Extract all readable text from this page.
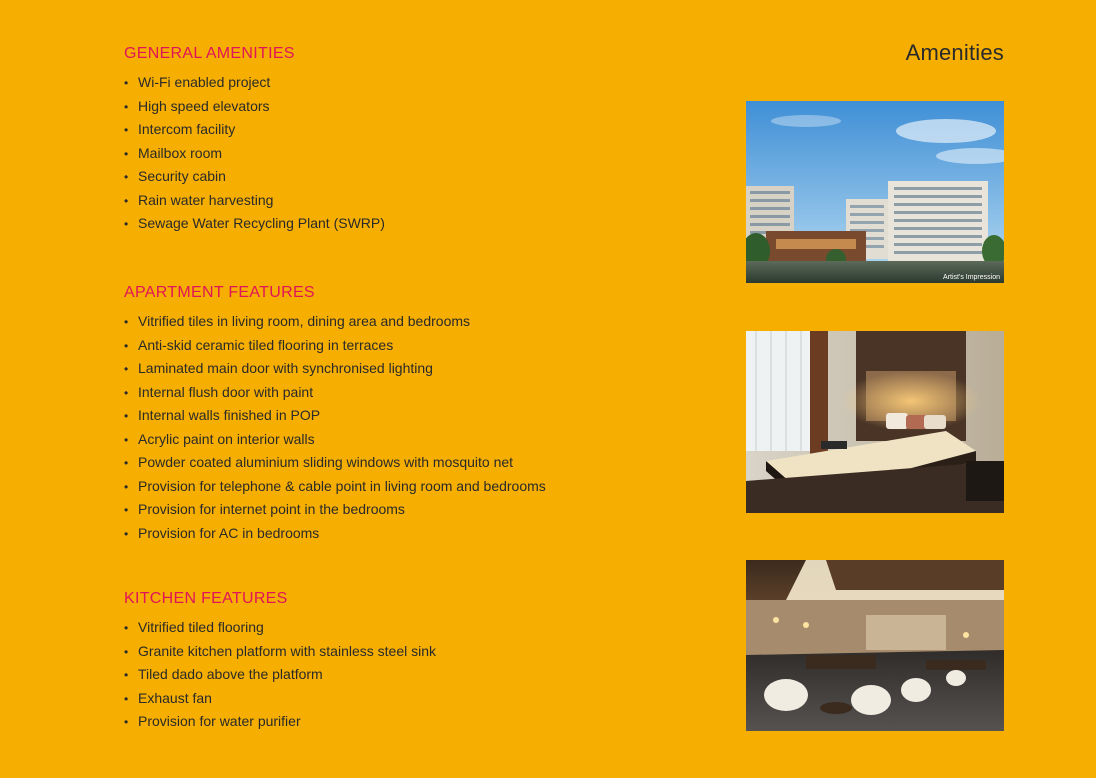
Amenities
GENERAL AMENITIES
• Wi-Fi enabled project
• High speed elevators
• Intercom facility
• Mailbox room
• Security cabin
• Rain water harvesting
• Sewage Water Recycling Plant (SWRP)
APARTMENT FEATURES
• Vitrified tiles in living room, dining area and bedrooms
• Anti-skid ceramic tiled flooring in terraces
• Laminated main door with synchronised lighting
• Internal flush door with paint
• Internal walls finished in POP
• Acrylic paint on interior walls
• Powder coated aluminium sliding windows with mosquito net
• Provision for telephone & cable point in living room and bedrooms
• Provision for internet point in the bedrooms
• Provision for AC in bedrooms
KITCHEN FEATURES
• Vitrified tiled flooring
• Granite kitchen platform with stainless steel sink
• Tiled dado above the platform
• Exhaust fan
• Provision for water purifier
Artist's Impression
